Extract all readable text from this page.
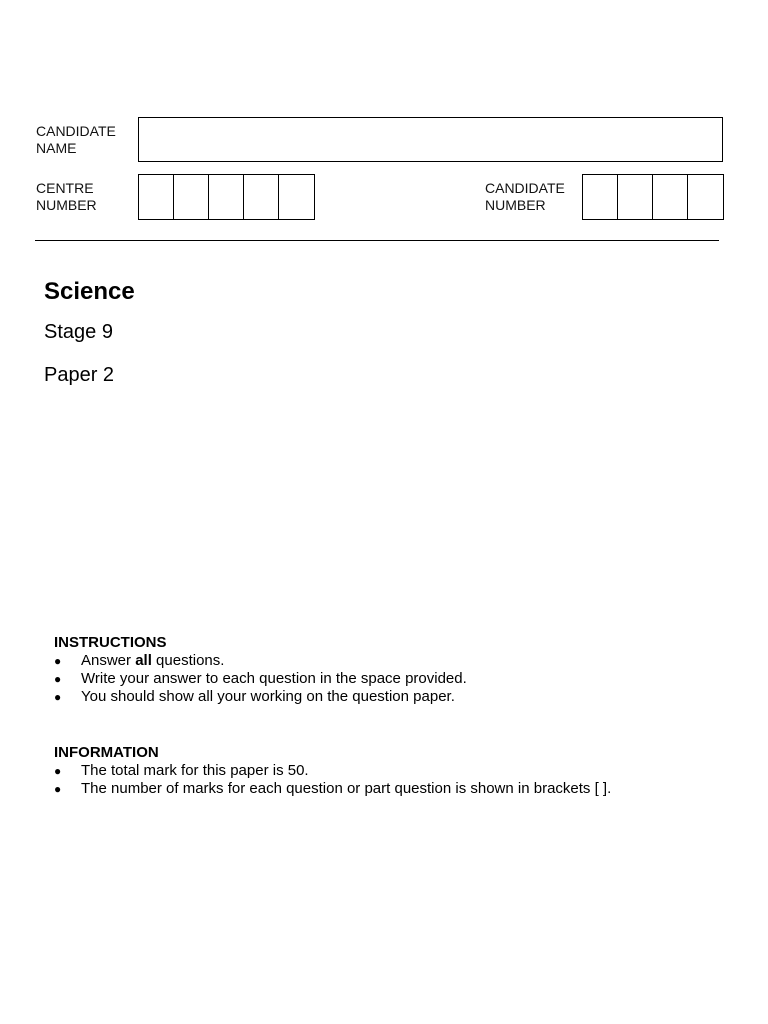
CANDIDATE
NAME
CENTRE
NUMBER
CANDIDATE
NUMBER
Science
Stage 9
Paper 2
INSTRUCTIONS
● Answer all questions.
● Write your answer to each question in the space provided.
● You should show all your working on the question paper.
INFORMATION
● The total mark for this paper is 50.
● The number of marks for each question or part question is shown in brackets [ ].
